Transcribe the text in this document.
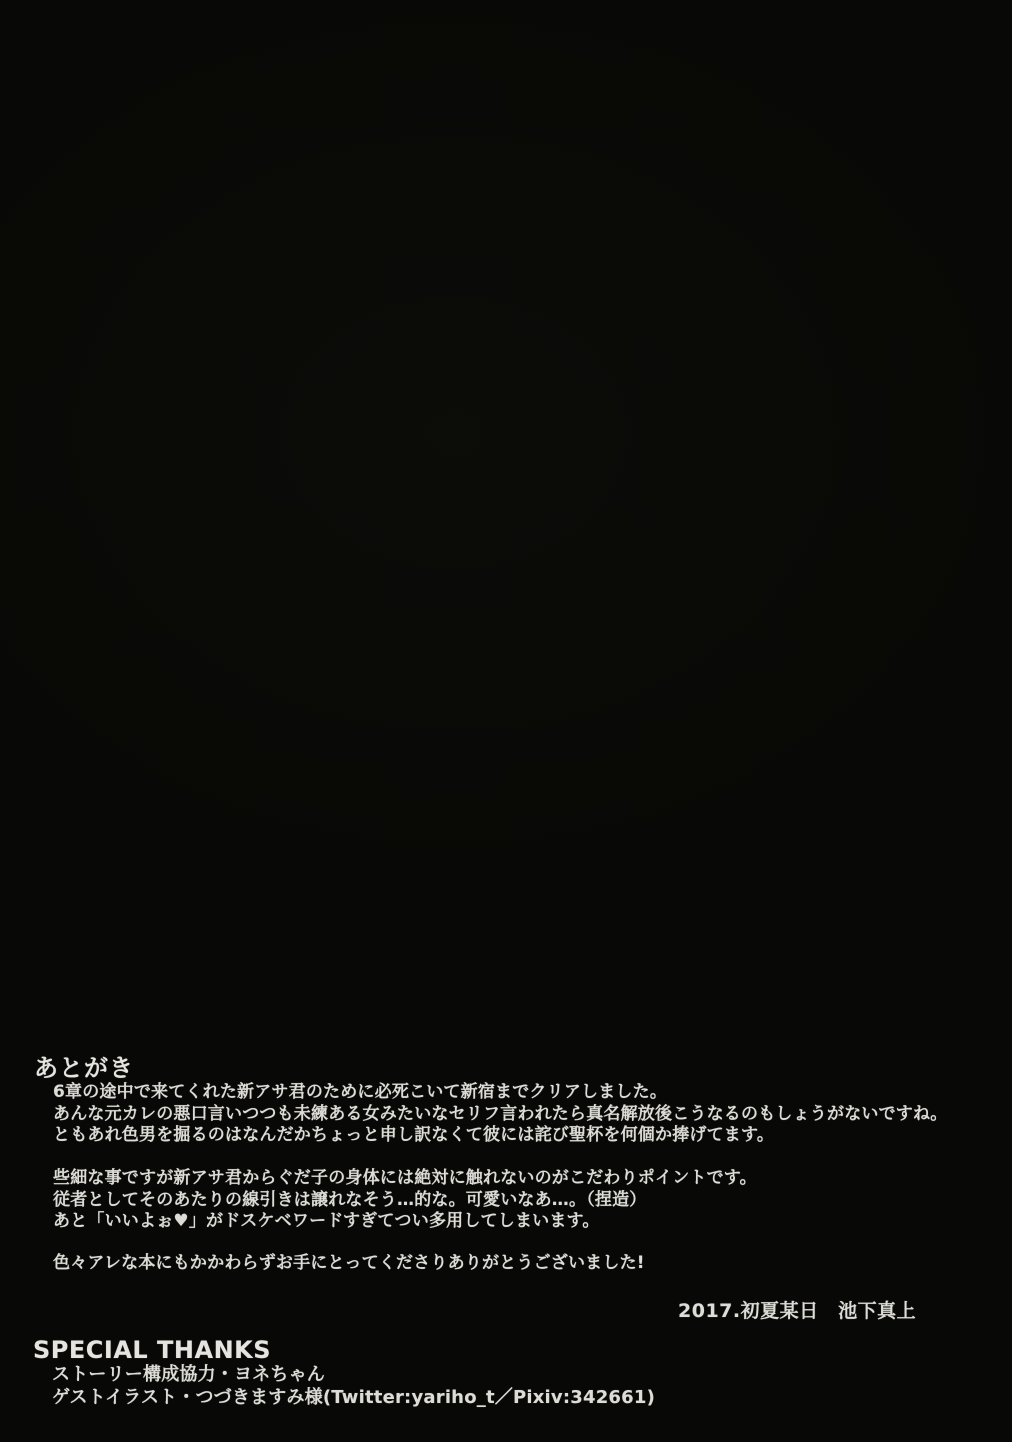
あとがき
6章の途中で来てくれた新アサ君のために必死こいて新宿までクリアしました。
あんな元カレの悪口言いつつも未練ある女みたいなセリフ言われたら真名解放後こうなるのもしょうがないですね。
ともあれ色男を掘るのはなんだかちょっと申し訳なくて彼には詫び聖杯を何個か捧げてます。
些細な事ですが新アサ君からぐだ子の身体には絶対に触れないのがこだわりポイントです。
従者としてそのあたりの線引きは譲れなそう…的な。可愛いなあ…。（捏造）
あと「いいよぉ♥」がドスケベワードすぎてつい多用してしまいます。
色々アレな本にもかかわらずお手にとってくださりありがとうございました!
2017.初夏某日　池下真上
SPECIAL THANKS
ストーリー構成協力・ヨネちゃん
ゲストイラスト・つづきますみ様(Twitter:yariho_t／Pixiv:342661)
